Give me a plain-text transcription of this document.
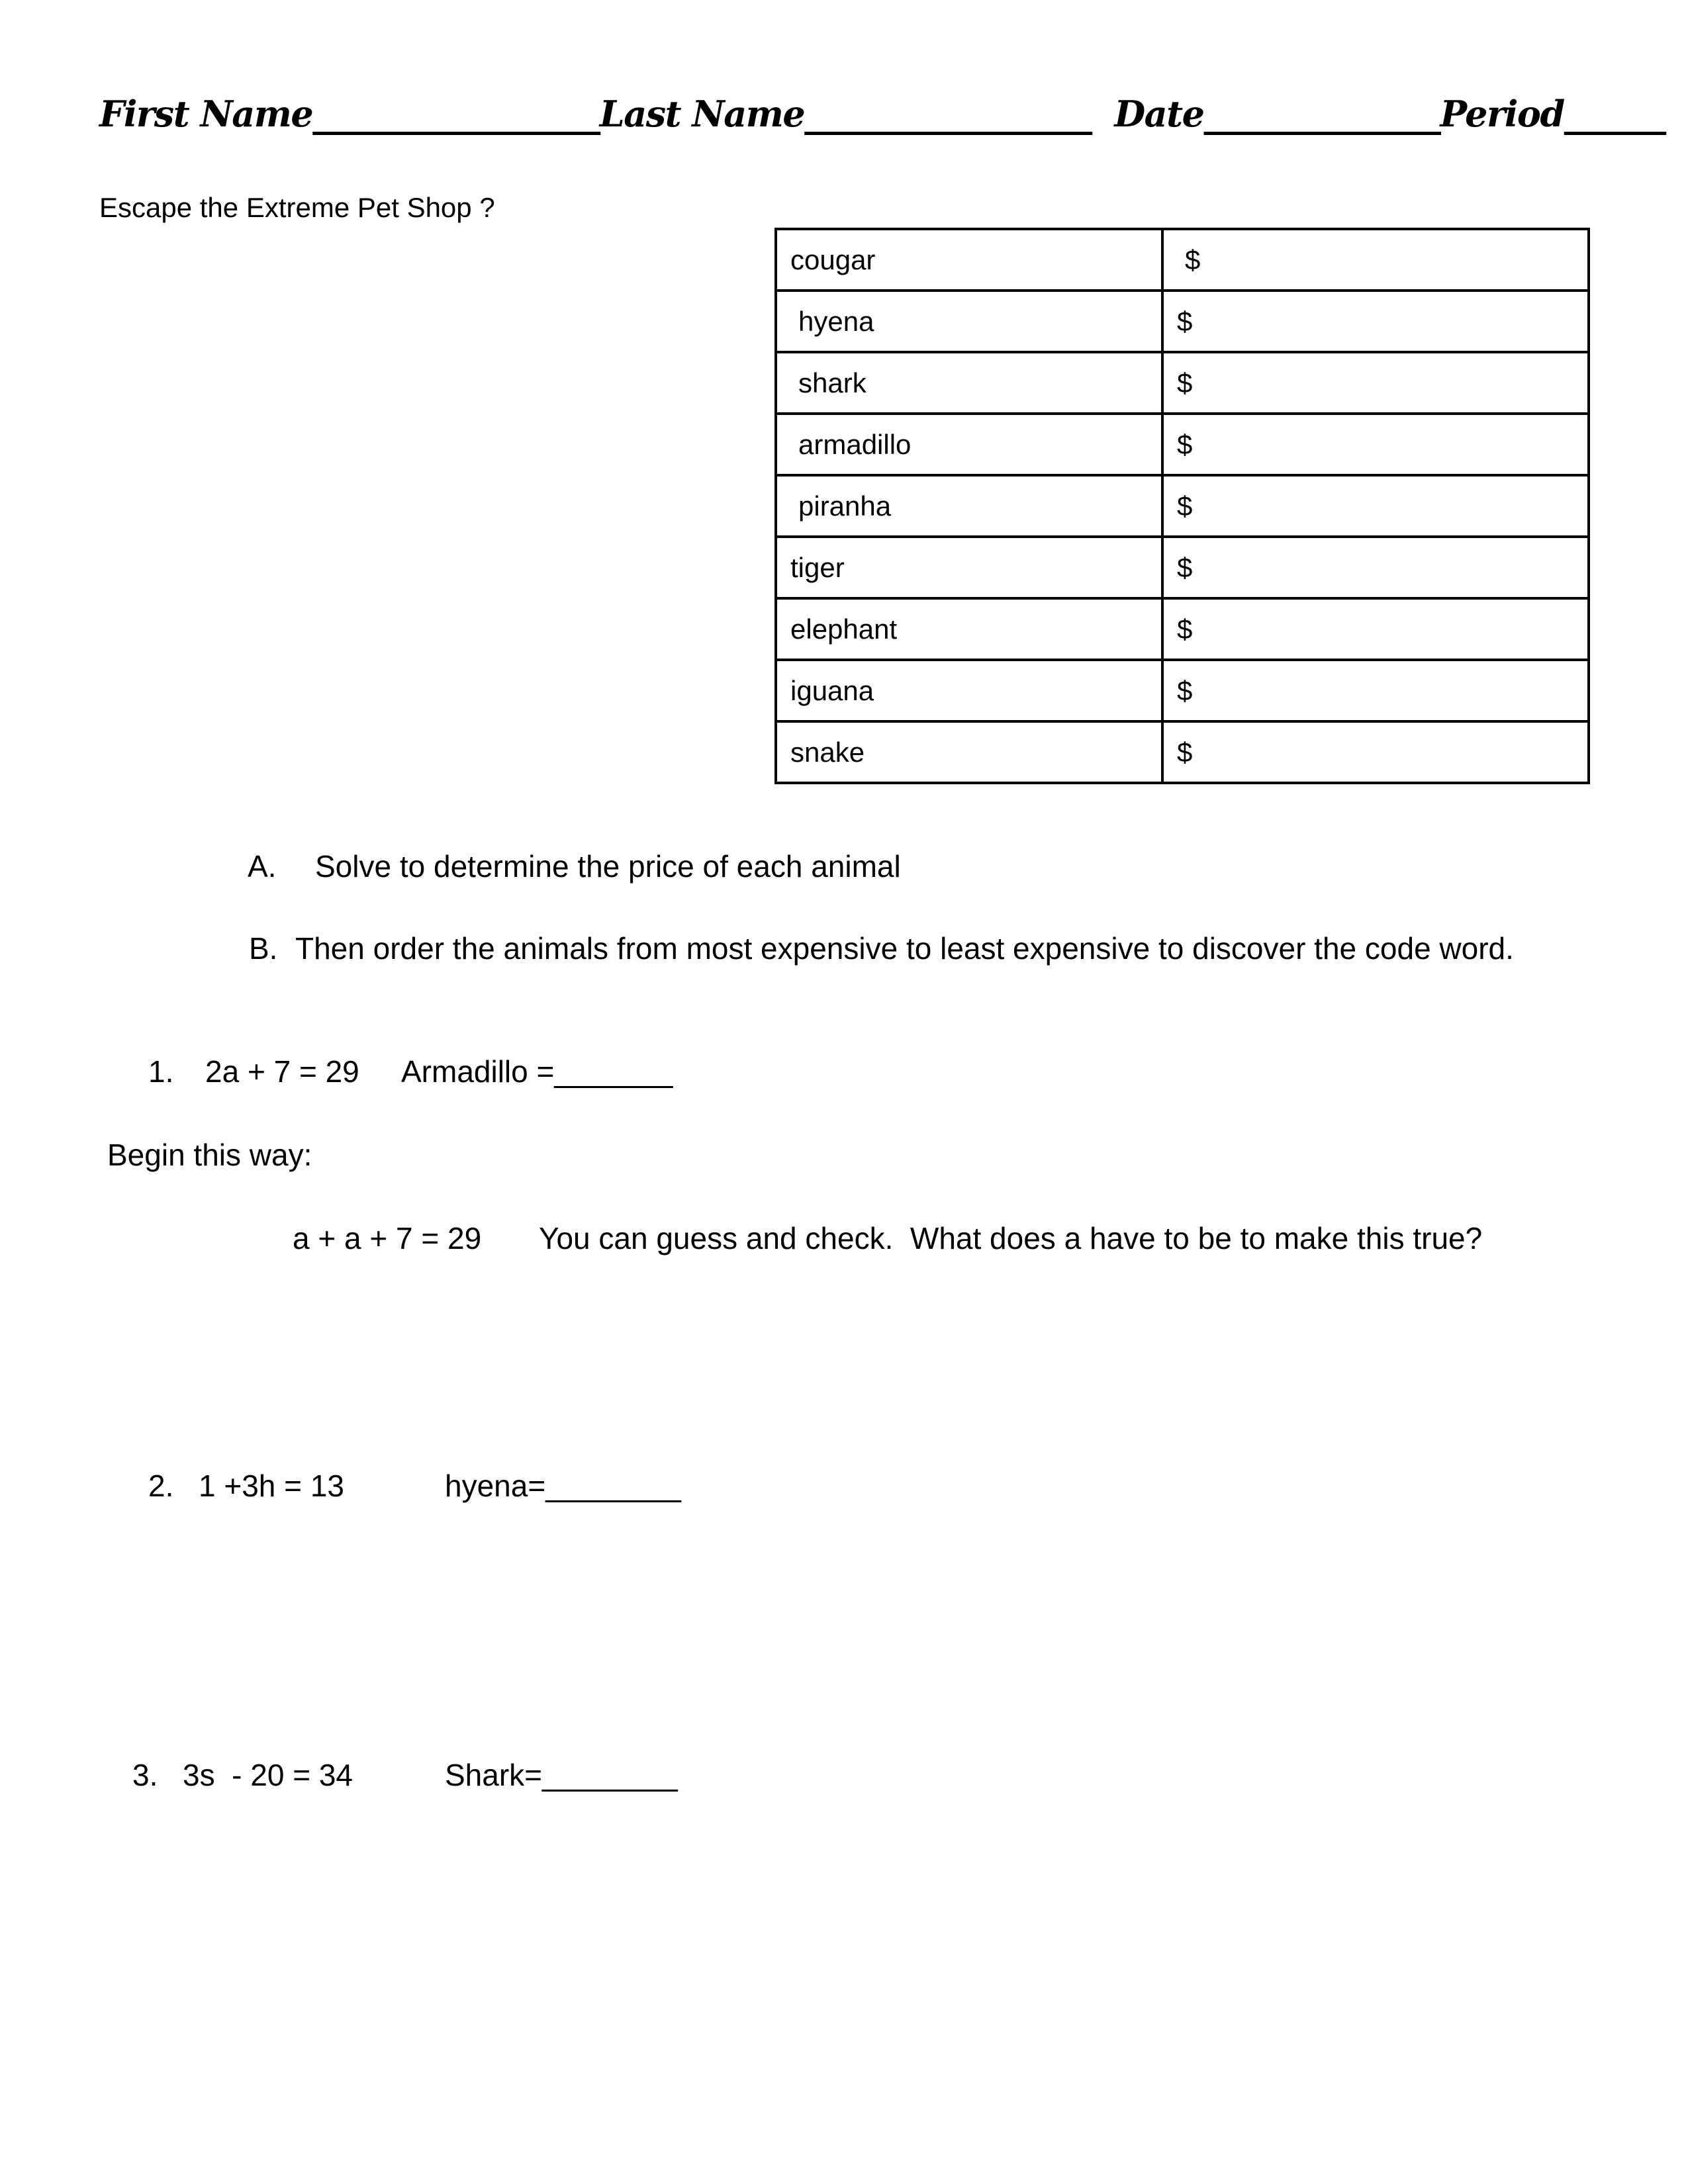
First Name_________________Last Name_________________  Date______________Period______
Escape the Extreme Pet Shop ?
cougar	$
hyena	$
shark	$
armadillo	$
piranha	$
tiger	$
elephant	$
iguana	$
snake	$
A. Solve to determine the price of each animal
B. Then order the animals from most expensive to least expensive to discover the code word.
1. 2a + 7 = 29 Armadillo =_______
Begin this way:
a + a + 7 = 29 You can guess and check.  What does a have to be to make this true?
2. 1 +3h = 13	hyena=________
3. 3s  - 20 = 34	Shark=________
